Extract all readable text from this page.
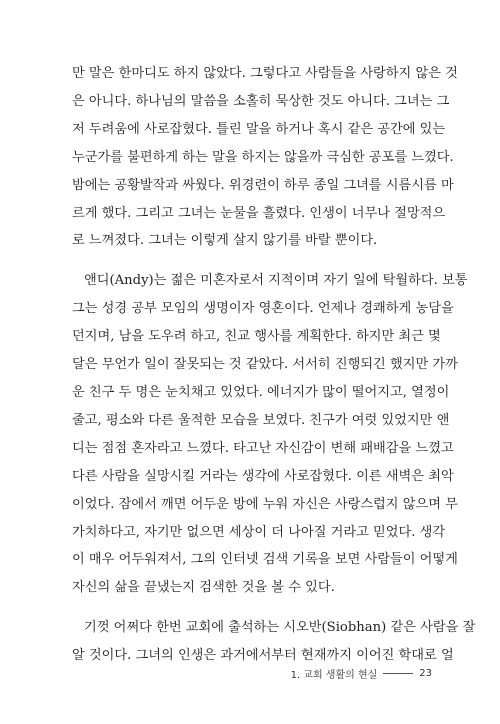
만 말은 한마디도 하지 않았다. 그렇다고 사람들을 사랑하지 않은 것
은 아니다. 하나님의 말씀을 소홀히 묵상한 것도 아니다. 그녀는 그
저 두려움에 사로잡혔다. 틀린 말을 하거나 혹시 같은 공간에 있는
누군가를 불편하게 하는 말을 하지는 않을까 극심한 공포를 느꼈다.
밤에는 공황발작과 싸웠다. 위경련이 하루 종일 그녀를 시름시름 마
르게 했다. 그리고 그녀는 눈물을 흘렸다. 인생이 너무나 절망적으
로 느껴졌다. 그녀는 이렇게 살지 않기를 바랄 뿐이다.
앤디(Andy)는 젊은 미혼자로서 지적이며 자기 일에 탁월하다. 보통
그는 성경 공부 모임의 생명이자 영혼이다. 언제나 경쾌하게 농담을
던지며, 남을 도우려 하고, 친교 행사를 계획한다. 하지만 최근 몇
달은 무언가 일이 잘못되는 것 같았다. 서서히 진행되긴 했지만 가까
운 친구 두 명은 눈치채고 있었다. 에너지가 많이 떨어지고, 열정이
줄고, 평소와 다른 울적한 모습을 보였다. 친구가 여럿 있었지만 앤
디는 점점 혼자라고 느꼈다. 타고난 자신감이 변해 패배감을 느꼈고
다른 사람을 실망시킬 거라는 생각에 사로잡혔다. 이른 새벽은 최악
이었다. 잠에서 깨면 어두운 방에 누워 자신은 사랑스럽지 않으며 무
가치하다고, 자기만 없으면 세상이 더 나아질 거라고 믿었다. 생각
이 매우 어두워져서, 그의 인터넷 검색 기록을 보면 사람들이 어떻게
자신의 삶을 끝냈는지 검색한 것을 볼 수 있다.
기껏 어쩌다 한번 교회에 출석하는 시오반(Siobhan) 같은 사람을 잘
알 것이다. 그녀의 인생은 과거에서부터 현재까지 이어진 학대로 얼
1. 교회 생활의 현실	23
